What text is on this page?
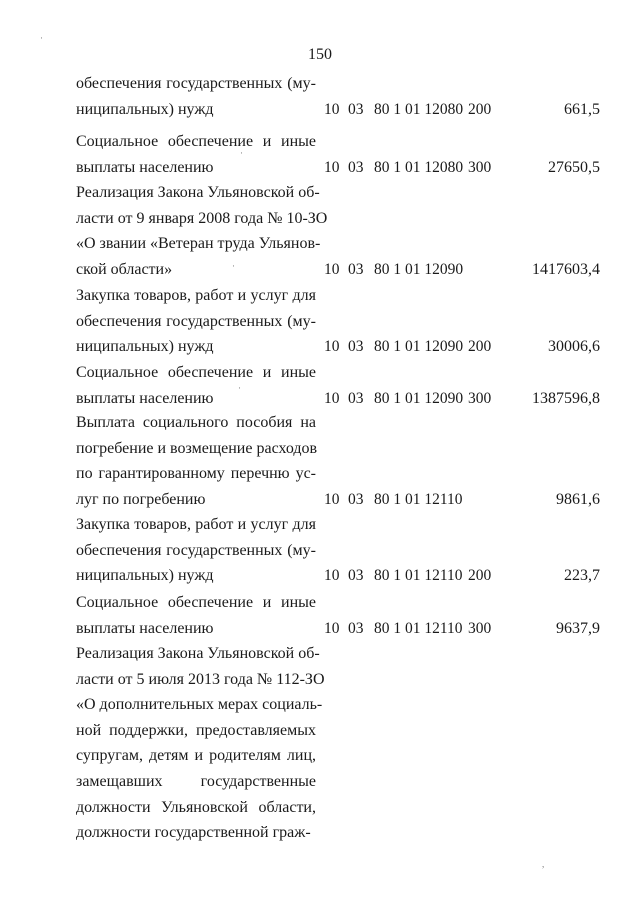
150
обеспечения государственных (му-
ниципальных) нужд	10 03 80 1 01 12080 200	661,5
Социальное обеспечение и иные
выплаты населению	10 03 80 1 01 12080 300	27650,5
Реализация Закона Ульяновской об-
ласти от 9 января 2008 года № 10-ЗО
«О звании «Ветеран труда Ульянов-
ской области»	10 03 80 1 01 12090	1417603,4
Закупка товаров, работ и услуг для
обеспечения государственных (му-
ниципальных) нужд	10 03 80 1 01 12090 200	30006,6
Социальное обеспечение и иные
выплаты населению	10 03 80 1 01 12090 300	1387596,8
Выплата социального пособия на
погребение и возмещение расходов
по гарантированному перечню ус-
луг по погребению	10 03 80 1 01 12110	9861,6
Закупка товаров, работ и услуг для
обеспечения государственных (му-
ниципальных) нужд	10 03 80 1 01 12110 200	223,7
Социальное обеспечение и иные
выплаты населению	10 03 80 1 01 12110 300	9637,9
Реализация Закона Ульяновской об-
ласти от 5 июля 2013 года № 112-ЗО
«О дополнительных мерах социаль-
ной поддержки, предоставляемых
супругам, детям и родителям лиц,
замещавших государственные
должности Ульяновской области,
должности государственной граж-
·
·
·
·
,
